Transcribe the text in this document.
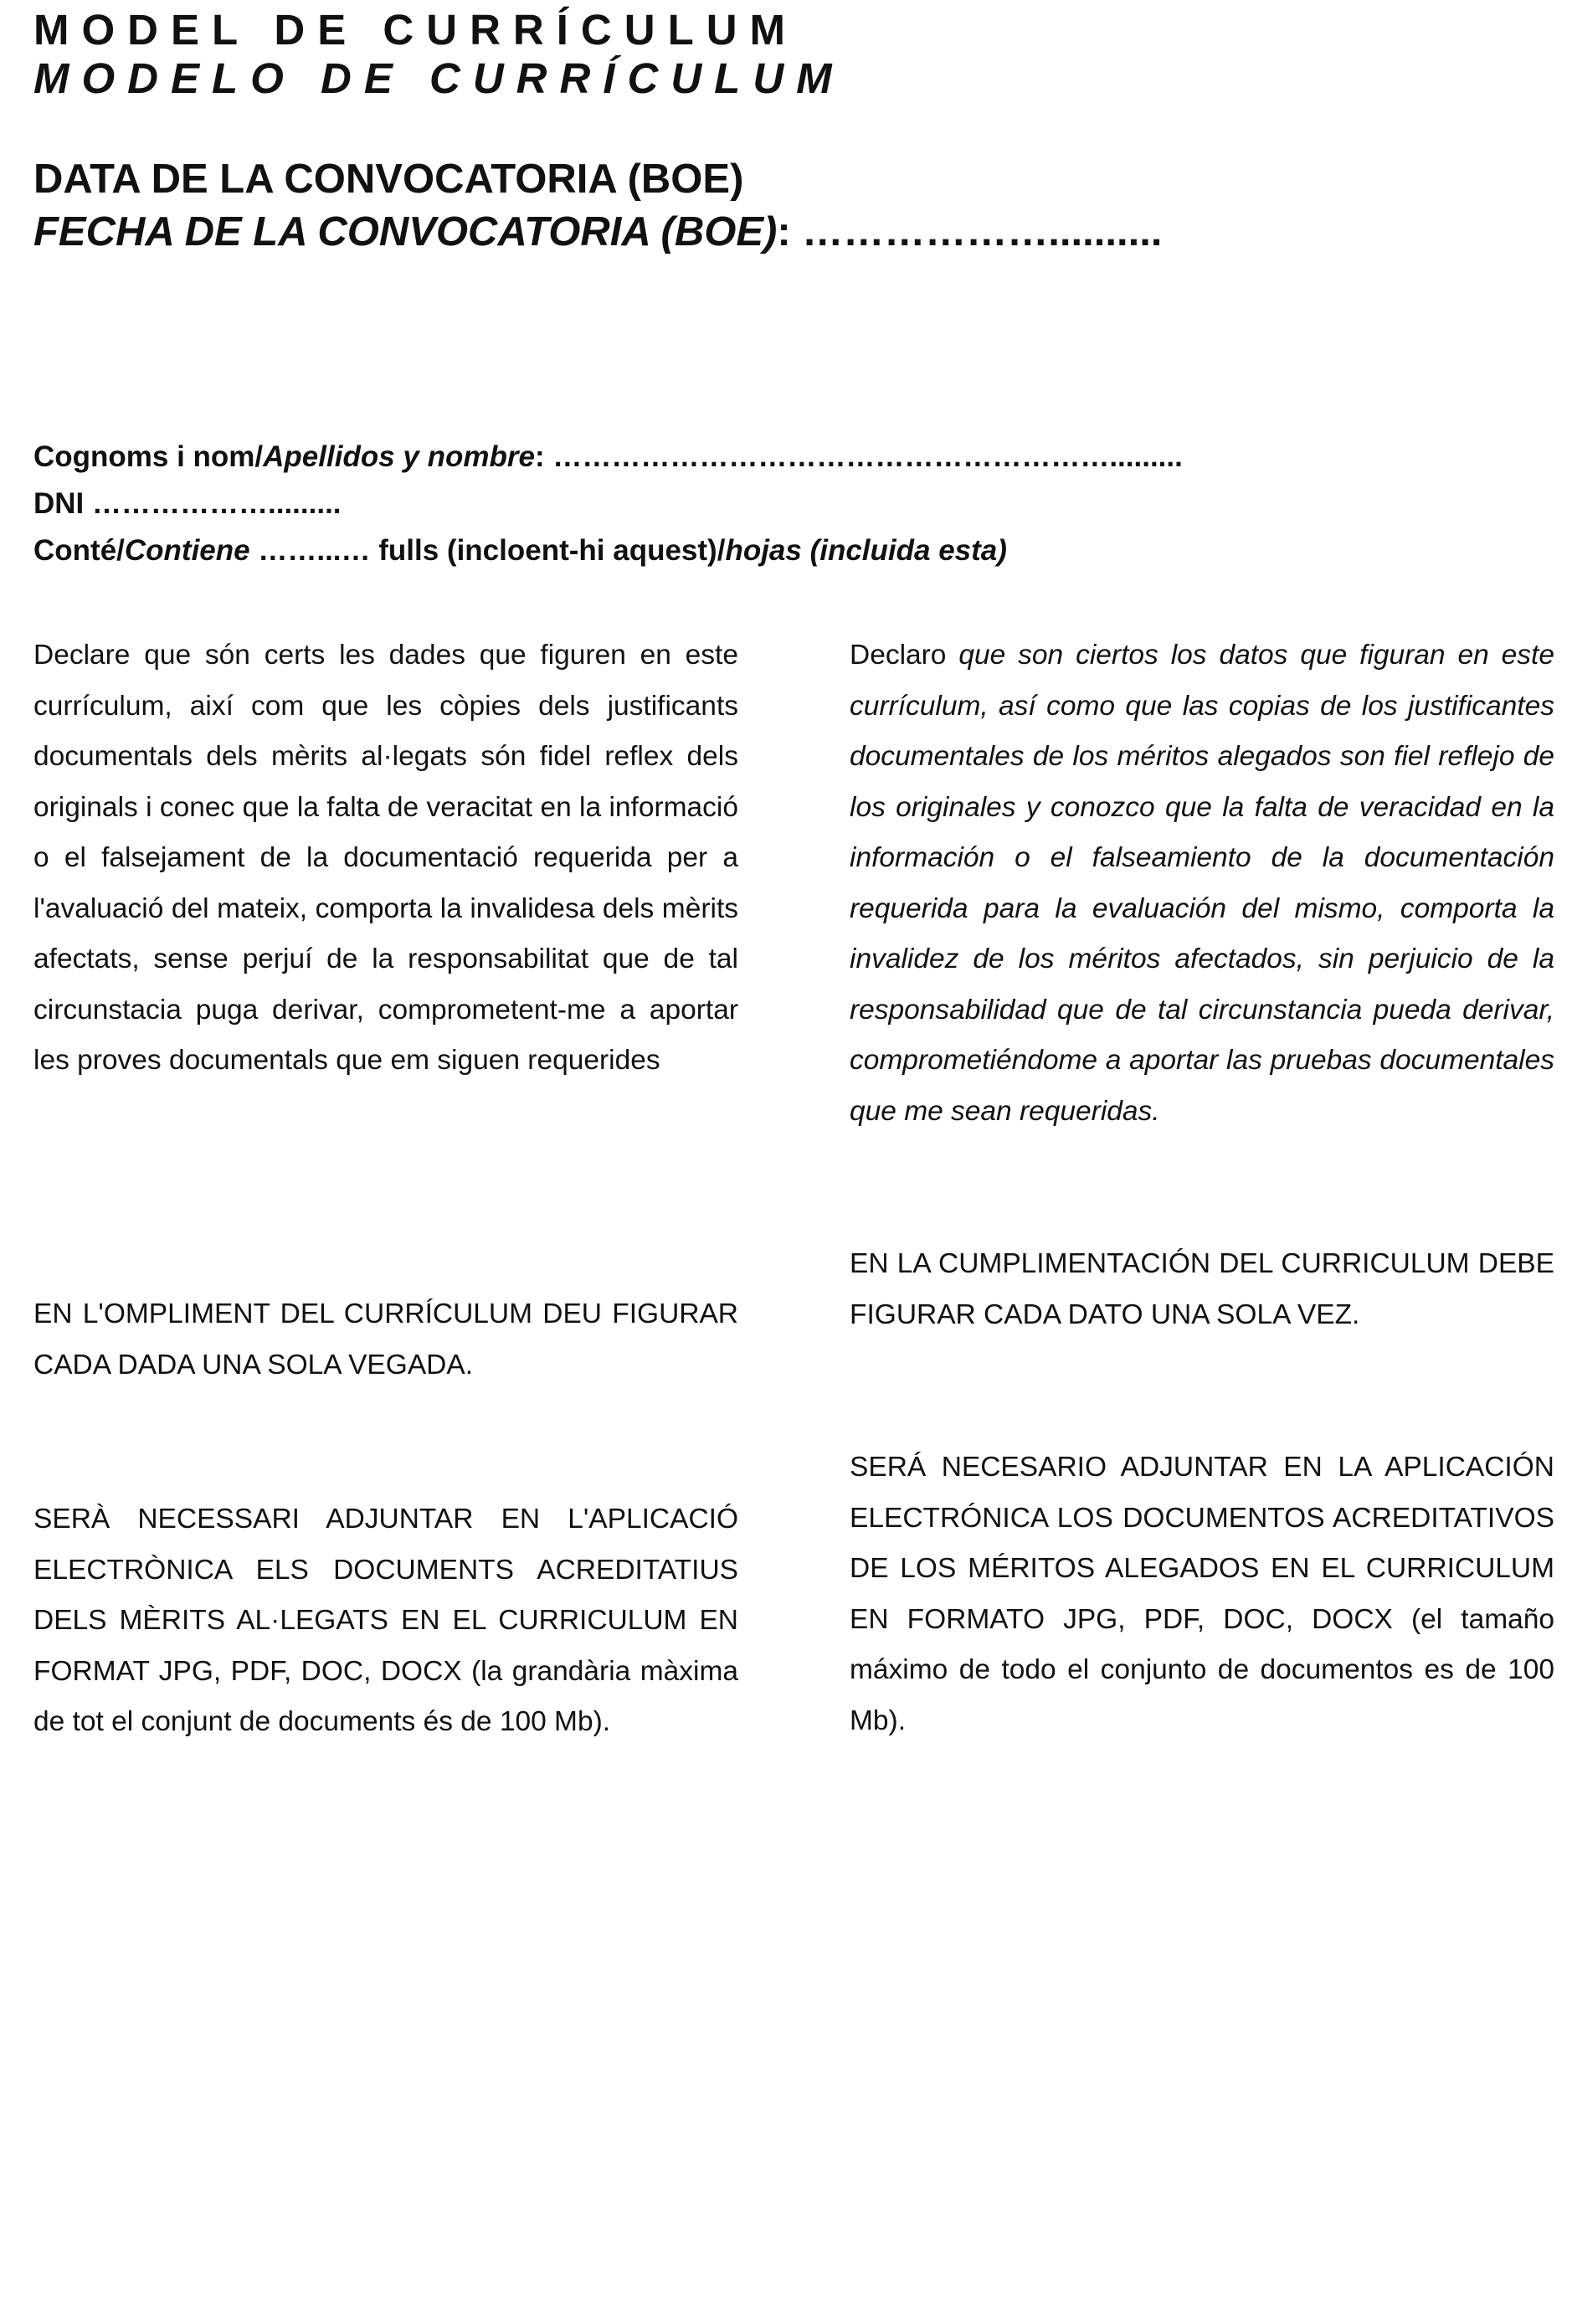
MODEL DE CURRÍCULUM
MODELO DE CURRÍCULUM
DATA DE LA CONVOCATORIA (BOE)
FECHA DE LA CONVOCATORIA (BOE): ………………..........
Cognoms i nom/Apellidos y nombre: ………………………………………………….........
DNI ……………….........
Conté/Contiene ……...… fulls (incloent-hi aquest)/hojas (incluida esta)

Declare que són certs les dades que figuren en este currículum, així com que les còpies dels justificants documentals dels mèrits al·legats són fidel reflex dels originals i conec que la falta de veracitat en la informació o el falsejament de la documentació requerida per a l'avaluació del mateix, comporta la invalidesa dels mèrits afectats, sense perjuí de la responsabilitat que de tal circunstacia puga derivar, comprometent-me a aportar les proves documentals que em siguen requerides

Declaro que son ciertos los datos que figuran en este currículum, así como que las copias de los justificantes documentales de los méritos alegados son fiel reflejo de los originales y conozco que la falta de veracidad en la información o el falseamiento de la documentación requerida para la evaluación del mismo, comporta la invalidez de los méritos afectados, sin perjuicio de la responsabilidad que de tal circunstancia pueda derivar, comprometiéndome a aportar las pruebas documentales que me sean requeridas.

EN L'OMPLIMENT DEL CURRÍCULUM DEU FIGURAR CADA DADA UNA SOLA VEGADA.

EN LA CUMPLIMENTACIÓN DEL CURRICULUM DEBE FIGURAR CADA DATO UNA SOLA VEZ.

SERÀ NECESSARI ADJUNTAR EN L'APLICACIÓ ELECTRÒNICA ELS DOCUMENTS ACREDITATIUS DELS MÈRITS AL·LEGATS EN EL CURRICULUM EN FORMAT JPG, PDF, DOC, DOCX (la grandària màxima de tot el conjunt de documents és de 100 Mb).

SERÁ NECESARIO ADJUNTAR EN LA APLICACIÓN ELECTRÓNICA LOS DOCUMENTOS ACREDITATIVOS DE LOS MÉRITOS ALEGADOS EN EL CURRICULUM EN FORMATO JPG, PDF, DOC, DOCX (el tamaño máximo de todo el conjunto de documentos es de 100 Mb).
